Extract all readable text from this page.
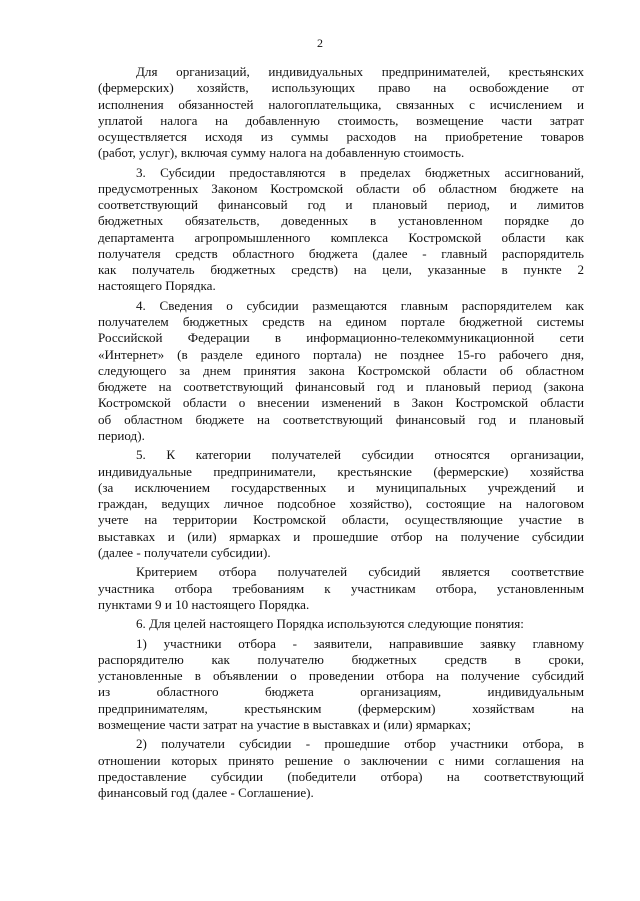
2
Для организаций, индивидуальных предпринимателей, крестьянских
(фермерских) хозяйств, использующих право на освобождение от
исполнения обязанностей налогоплательщика, связанных с исчислением и
уплатой налога на добавленную стоимость, возмещение части затрат
осуществляется исходя из суммы расходов на приобретение товаров
(работ, услуг), включая сумму налога на добавленную стоимость.
3. Субсидии предоставляются в пределах бюджетных ассигнований,
предусмотренных Законом Костромской области об областном бюджете на
соответствующий финансовый год и плановый период, и лимитов
бюджетных обязательств, доведенных в установленном порядке до
департамента агропромышленного комплекса Костромской области как
получателя средств областного бюджета (далее - главный распорядитель
как получатель бюджетных средств) на цели, указанные в пункте 2
настоящего Порядка.
4. Сведения о субсидии размещаются главным распорядителем как
получателем бюджетных средств на едином портале бюджетной системы
Российской Федерации в информационно-телекоммуникационной сети
«Интернет» (в разделе единого портала) не позднее 15-го рабочего дня,
следующего за днем принятия закона Костромской области об областном
бюджете на соответствующий финансовый год и плановый период (закона
Костромской области о внесении изменений в Закон Костромской области
об областном бюджете на соответствующий финансовый год и плановый
период).
5. К категории получателей субсидии относятся организации,
индивидуальные предприниматели, крестьянские (фермерские) хозяйства
(за исключением государственных и муниципальных учреждений и
граждан, ведущих личное подсобное хозяйство), состоящие на налоговом
учете на территории Костромской области, осуществляющие участие в
выставках и (или) ярмарках и прошедшие отбор на получение субсидии
(далее - получатели субсидии).
Критерием отбора получателей субсидий является соответствие
участника отбора требованиям к участникам отбора, установленным
пунктами 9 и 10 настоящего Порядка.
6. Для целей настоящего Порядка используются следующие понятия:
1) участники отбора - заявители, направившие заявку главному
распорядителю как получателю бюджетных средств в сроки,
установленные в объявлении о проведении отбора на получение субсидий
из областного бюджета организациям, индивидуальным
предпринимателям, крестьянским (фермерским) хозяйствам на
возмещение части затрат на участие в выставках и (или) ярмарках;
2) получатели субсидии - прошедшие отбор участники отбора, в
отношении которых принято решение о заключении с ними соглашения на
предоставление субсидии (победители отбора) на соответствующий
финансовый год (далее - Соглашение).
